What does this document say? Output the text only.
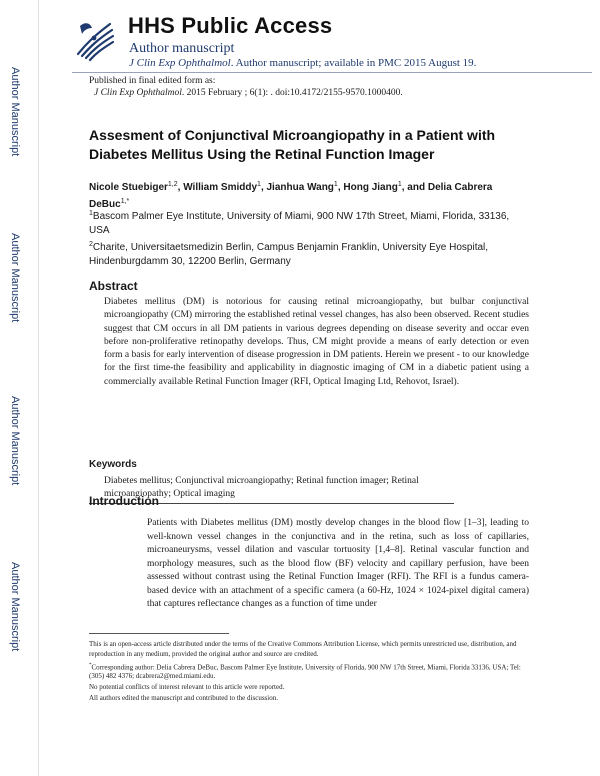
Author Manuscript
Author Manuscript
Author Manuscript
Author Manuscript
HHS Public Access
Author manuscript
J Clin Exp Ophthalmol. Author manuscript; available in PMC 2015 August 19.
Published in final edited form as:
J Clin Exp Ophthalmol. 2015 February ; 6(1): . doi:10.4172/2155-9570.1000400.
Assesment of Conjunctival Microangiopathy in a Patient with Diabetes Mellitus Using the Retinal Function Imager
Nicole Stuebiger$^{1,2}$, William Smiddy$^1$, Jianhua Wang$^1$, Hong Jiang$^1$, and Delia Cabrera DeBuc$^{1,*}$
$^1$Bascom Palmer Eye Institute, University of Miami, 900 NW 17th Street, Miami, Florida, 33136, USA
$^2$Charite, Universitaetsmedizin Berlin, Campus Benjamin Franklin, University Eye Hospital, Hindenburgdamm 30, 12200 Berlin, Germany
Abstract
Diabetes mellitus (DM) is notorious for causing retinal microangiopathy, but bulbar conjunctival microangiopathy (CM) mirroring the established retinal vessel changes, has also been observed. Recent studies suggest that CM occurs in all DM patients in various degrees depending on disease severity and occar even before non-proliferative retinopathy develops. Thus, CM might provide a means of early detection or even form a basis for early intervention of disease progression in DM patients. Herein we present - to our knowledge for the first time-the feasibility and applicability in diagnostic imaging of CM in a diabetic patient using a commercially available Retinal Function Imager (RFI, Optical Imaging Ltd, Rehovot, Israel).
Keywords
Diabetes mellitus; Conjunctival microangiopathy; Retinal function imager; Retinal microangiopathy; Optical imaging
Introduction
Patients with Diabetes mellitus (DM) mostly develop changes in the blood flow [1–3], leading to well-known vessel changes in the conjunctiva and in the retina, such as loss of capillaries, microaneurysms, vessel dilation and vascular tortuosity [1,4–8]. Retinal vascular function and morphology measures, such as the blood flow (BF) velocity and capillary perfusion, have been assessed without contrast using the Retinal Function Imager (RFI). The RFI is a fundus camera-based device with an attachment of a specific camera (a 60-Hz, 1024 × 1024-pixel digital camera) that captures reflectance changes as a function of time under

This is an open-access article distributed under the terms of the Creative Commons Attribution License, which permits unrestricted use, distribution, and reproduction in any medium, provided the original author and source are credited.

*Corresponding author: Delia Cabrera DeBuc, Bascom Palmer Eye Institute, University of Florida, 900 NW 17th Street, Miami, Florida 33136, USA; Tel: (305) 482 4376; dcabrera2@med.miami.edu.

No potential conflicts of interest relevant to this article were reported.

All authors edited the manuscript and contributed to the discussion.
